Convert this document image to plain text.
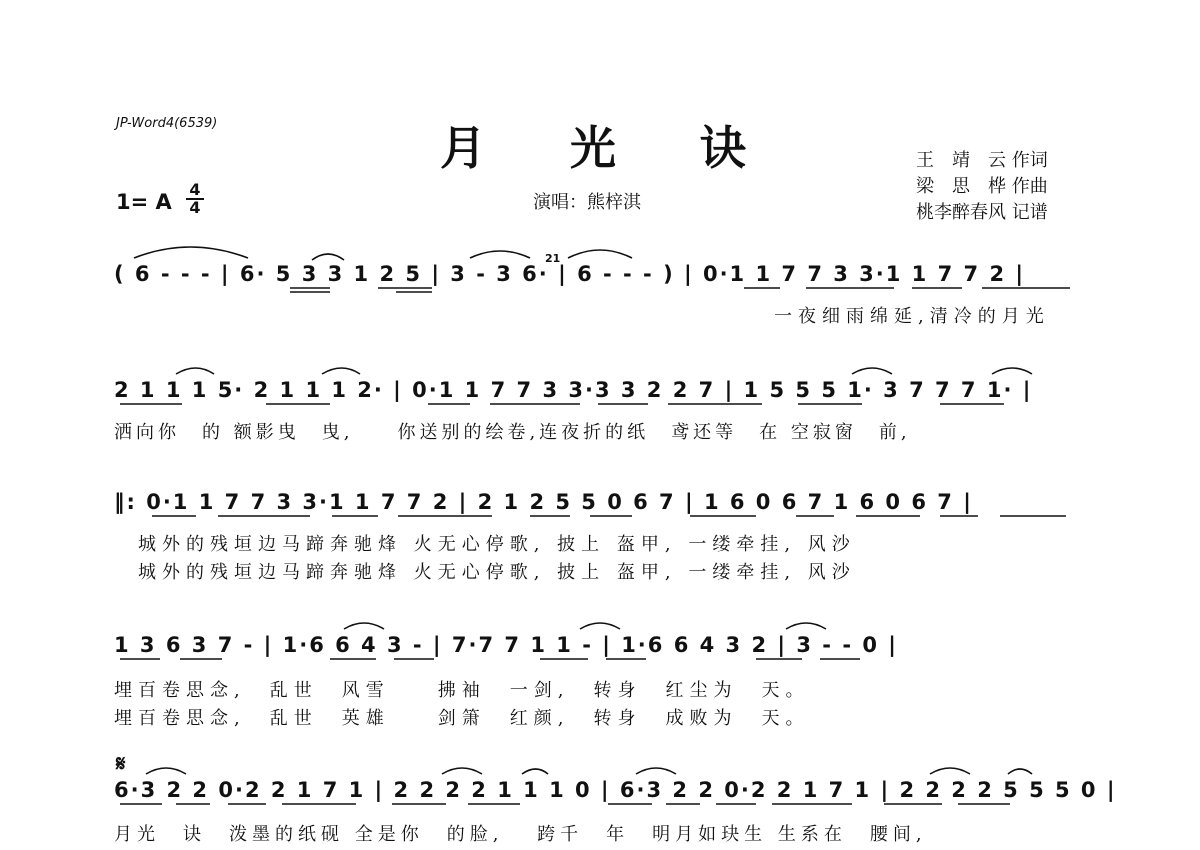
JP-Word4(6539)	月 光 诀	王　靖　云 作词
梁　思　桦 作曲
桃李醉春风 记谱
1= A
4
4	演唱：熊梓淇
( 6 - - - | 6· 5 3 3 1 2 5 | 3 - 3 6· | 6 - - - ) | 0·1 1 7 7 3 3·1 1 7 7 2 |
一夜细雨绵延,清冷的月光
2 1 1 1 5· 2 1 1 1 2· | 0·1 1 7 7 3 3·3 3 2 2 7 | 1 5 5 5 1· 3 7 7 7 1· |
洒向你　的 额影曳　曳,　　你送别的绘卷,连夜折的纸　鸢还等　在 空寂窗　前,
‖: 0·1 1 7 7 3 3·1 1 7 7 2 | 2 1 2 5 5 0 6 7 | 1 6 0 6 7 1 6 0 6 7 |
　城外的残垣边马蹄奔驰烽 火无心停歌, 披上 盔甲, 一缕牵挂, 风沙
　城外的残垣边马蹄奔驰烽 火无心停歌, 披上 盔甲, 一缕牵挂, 风沙
1 3 6 3 7 - | 1·6 6 4 3 - | 7·7 7 1 1 - | 1·6 6 4 3 2 | 3 - - 0 |
埋百卷思念,　乱世　风雪　　拂袖　一剑,　转身　红尘为　天。
埋百卷思念,　乱世　英雄　　剑箫　红颜,　转身　成败为　天。
𝄋
6·3 2 2 0·2 2 1 7 1 | 2 2 2 2 1 1 1 0 | 6·3 2 2 0·2 2 1 7 1 | 2 2 2 2 5 5 5 0 |
月光　诀　泼墨的纸砚 全是你　的脸,　 跨千　年　明月如玦生 生系在　腰间,
21
